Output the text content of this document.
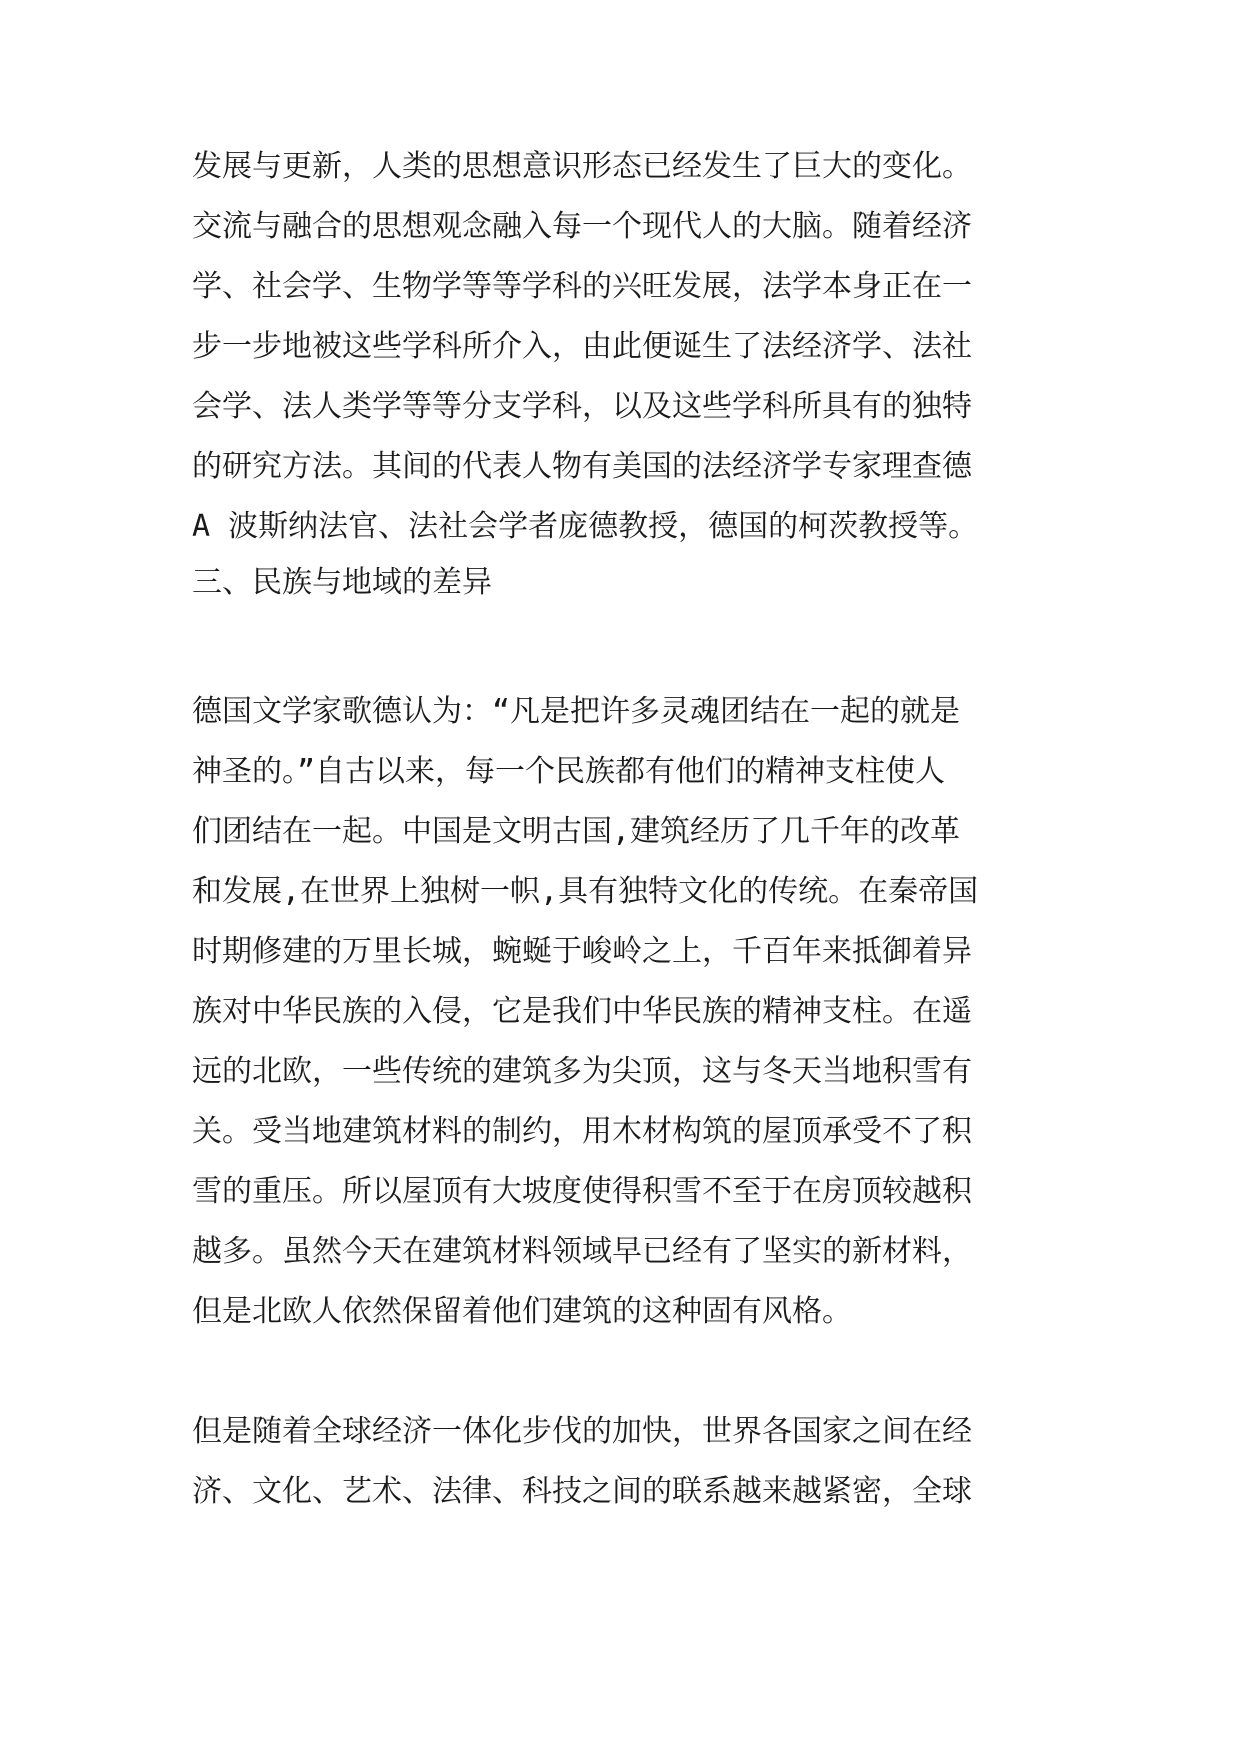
发展与更新，人类的思想意识形态已经发生了巨大的变化。
交流与融合的思想观念融入每一个现代人的大脑。随着经济
学、社会学、生物学等等学科的兴旺发展，法学本身正在一
步一步地被这些学科所介入，由此便诞生了法经济学、法社
会学、法人类学等等分支学科，以及这些学科所具有的独特
的研究方法。其间的代表人物有美国的法经济学专家理查德
A 波斯纳法官、法社会学者庞德教授，德国的柯茨教授等。
三、民族与地域的差异
德国文学家歌德认为：“凡是把许多灵魂团结在一起的就是
神圣的。”自古以来，每一个民族都有他们的精神支柱使人
们团结在一起。中国是文明古国,建筑经历了几千年的改革
和发展,在世界上独树一帜,具有独特文化的传统。在秦帝国
时期修建的万里长城，蜿蜒于峻岭之上，千百年来抵御着异
族对中华民族的入侵，它是我们中华民族的精神支柱。在遥
远的北欧，一些传统的建筑多为尖顶，这与冬天当地积雪有
关。受当地建筑材料的制约，用木材构筑的屋顶承受不了积
雪的重压。所以屋顶有大坡度使得积雪不至于在房顶较越积
越多。虽然今天在建筑材料领域早已经有了坚实的新材料，
但是北欧人依然保留着他们建筑的这种固有风格。
但是随着全球经济一体化步伐的加快，世界各国家之间在经
济、文化、艺术、法律、科技之间的联系越来越紧密，全球
